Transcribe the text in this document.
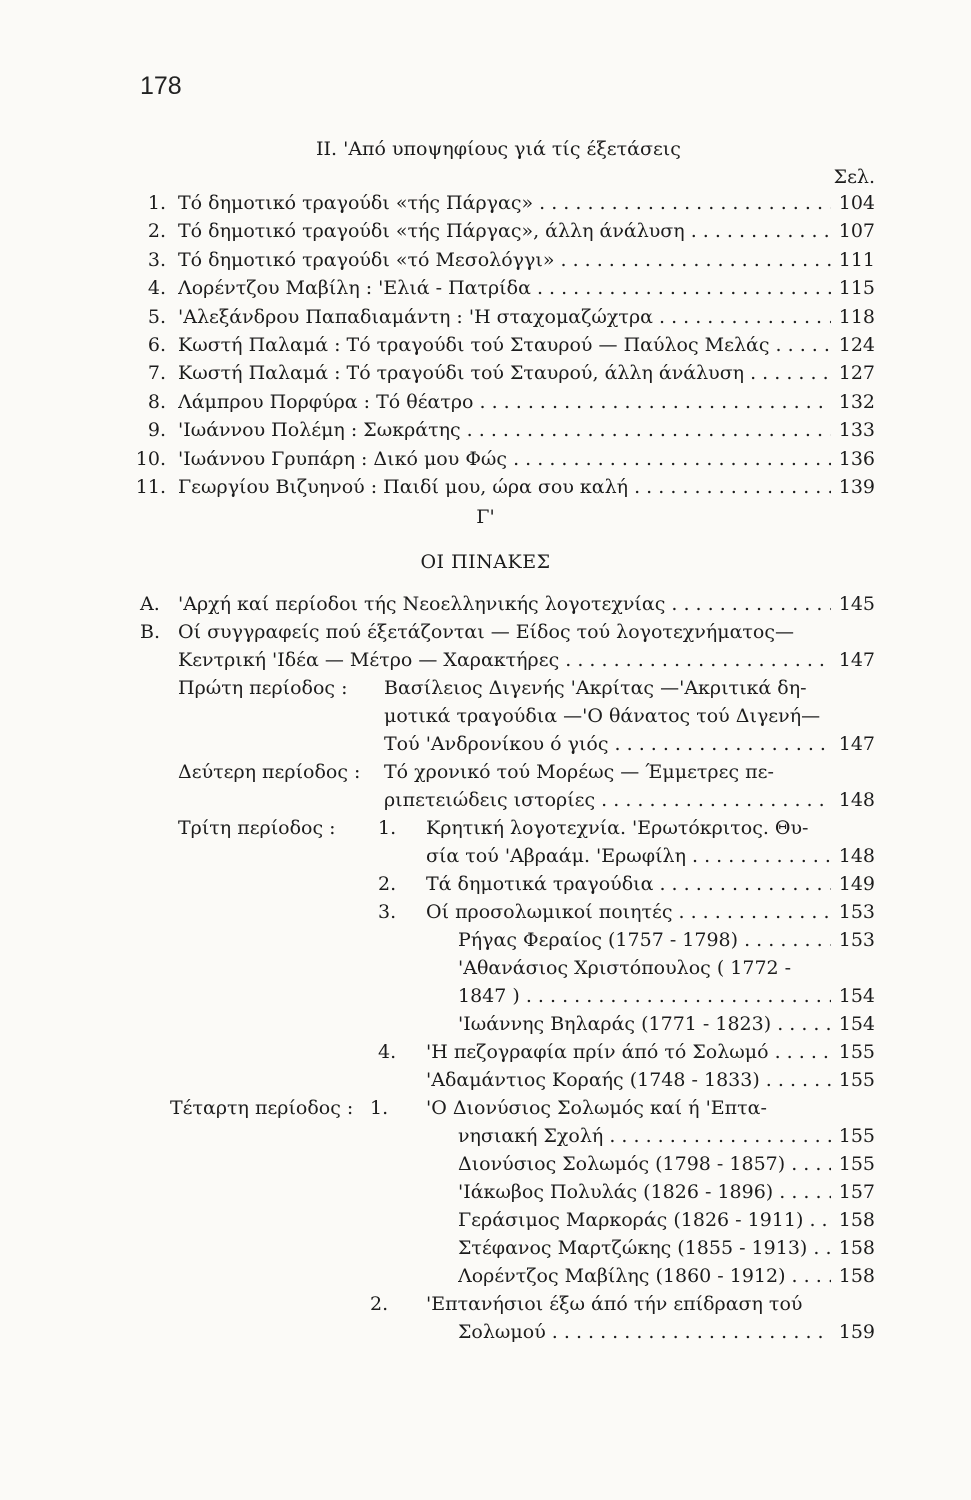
178
II. 'Από υποψηφίους γιά τίς έξετάσεις
Σελ.
1. Τό δημοτικό τραγούδι «τής Πάργας» . . .	104
2. Τό δημοτικό τραγούδι «τής Πάργας», άλλη άνάλυση . . .	107
3. Τό δημοτικό τραγούδι «τό Μεσολόγγι» . . .	111
4. Λορέντζου Μαβίλη : 'Ελιά - Πατρίδα . . .	115
5. 'Αλεξάνδρου Παπαδιαμάντη : 'Η σταχομαζώχτρα . . .	118
6. Κωστή Παλαμά : Τό τραγούδι τού Σταυρού — Παύλος Μελάς . . .	124
7. Κωστή Παλαμά : Τό τραγούδι τού Σταυρού, άλλη άνάλυση . . .	127
8. Λάμπρου Πορφύρα : Τό θέατρο . . .	132
9. 'Ιωάννου Πολέμη : Σωκράτης . . .	133
10. 'Ιωάννου Γρυπάρη : Δικό μου Φώς . . .	136
11. Γεωργίου Βιζυηνού : Παιδί μου, ώρα σου καλή . . .	139
Γ'
ΟΙ ΠΙΝΑΚΕΣ
Α. 'Αρχή καί περίοδοι τής Νεοελληνικής λογοτεχνίας . . .	145
Β. Οί συγγραφείς πού έξετάζονται — Είδος τού λογοτεχνήματος—
Κεντρική 'Ιδέα — Μέτρο — Χαρακτήρες . . .	147
Πρώτη περίοδος : Βασίλειος Διγενής 'Ακρίτας —'Ακριτικά δη-
μοτικά τραγούδια —'Ο θάνατος τού Διγενή—
Τού 'Ανδρονίκου ό γιός . . .	147
Δεύτερη περίοδος : Τό χρονικό τού Μορέως — Έμμετρες πε-
ριπετειώδεις ιστορίες . . .	148
Τρίτη περίοδος : 1. Κρητική λογοτεχνία. 'Ερωτόκριτος. Θυ-
σία τού 'Αβραάμ. 'Ερωφίλη . . .	148
2. Τά δημοτικά τραγούδια . . .	149
3. Οί προσολωμικοί ποιητές . . .	153
Ρήγας Φεραίος (1757 - 1798) . . .	153
'Αθανάσιος Χριστόπουλος ( 1772 -
1847 ) . . .	154
'Ιωάννης Βηλαράς (1771 - 1823) . . .	154
4. 'Η πεζογραφία πρίν άπό τό Σολωμό . . .	155
'Αδαμάντιος Κοραής (1748 - 1833) . . .	155
Τέταρτη περίοδος : 1. 'Ο Διονύσιος Σολωμός καί ή 'Επτα-
νησιακή Σχολή . . .	155
Διονύσιος Σολωμός (1798 - 1857) . . .	155
'Ιάκωβος Πολυλάς (1826 - 1896) . . .	157
Γεράσιμος Μαρκοράς (1826 - 1911) . . .	158
Στέφανος Μαρτζώκης (1855 - 1913) . . .	158
Λορέντζος Μαβίλης (1860 - 1912) . . .	158
2. 'Επτανήσιοι έξω άπό τήν επίδραση τού
Σολωμού . . .	159
